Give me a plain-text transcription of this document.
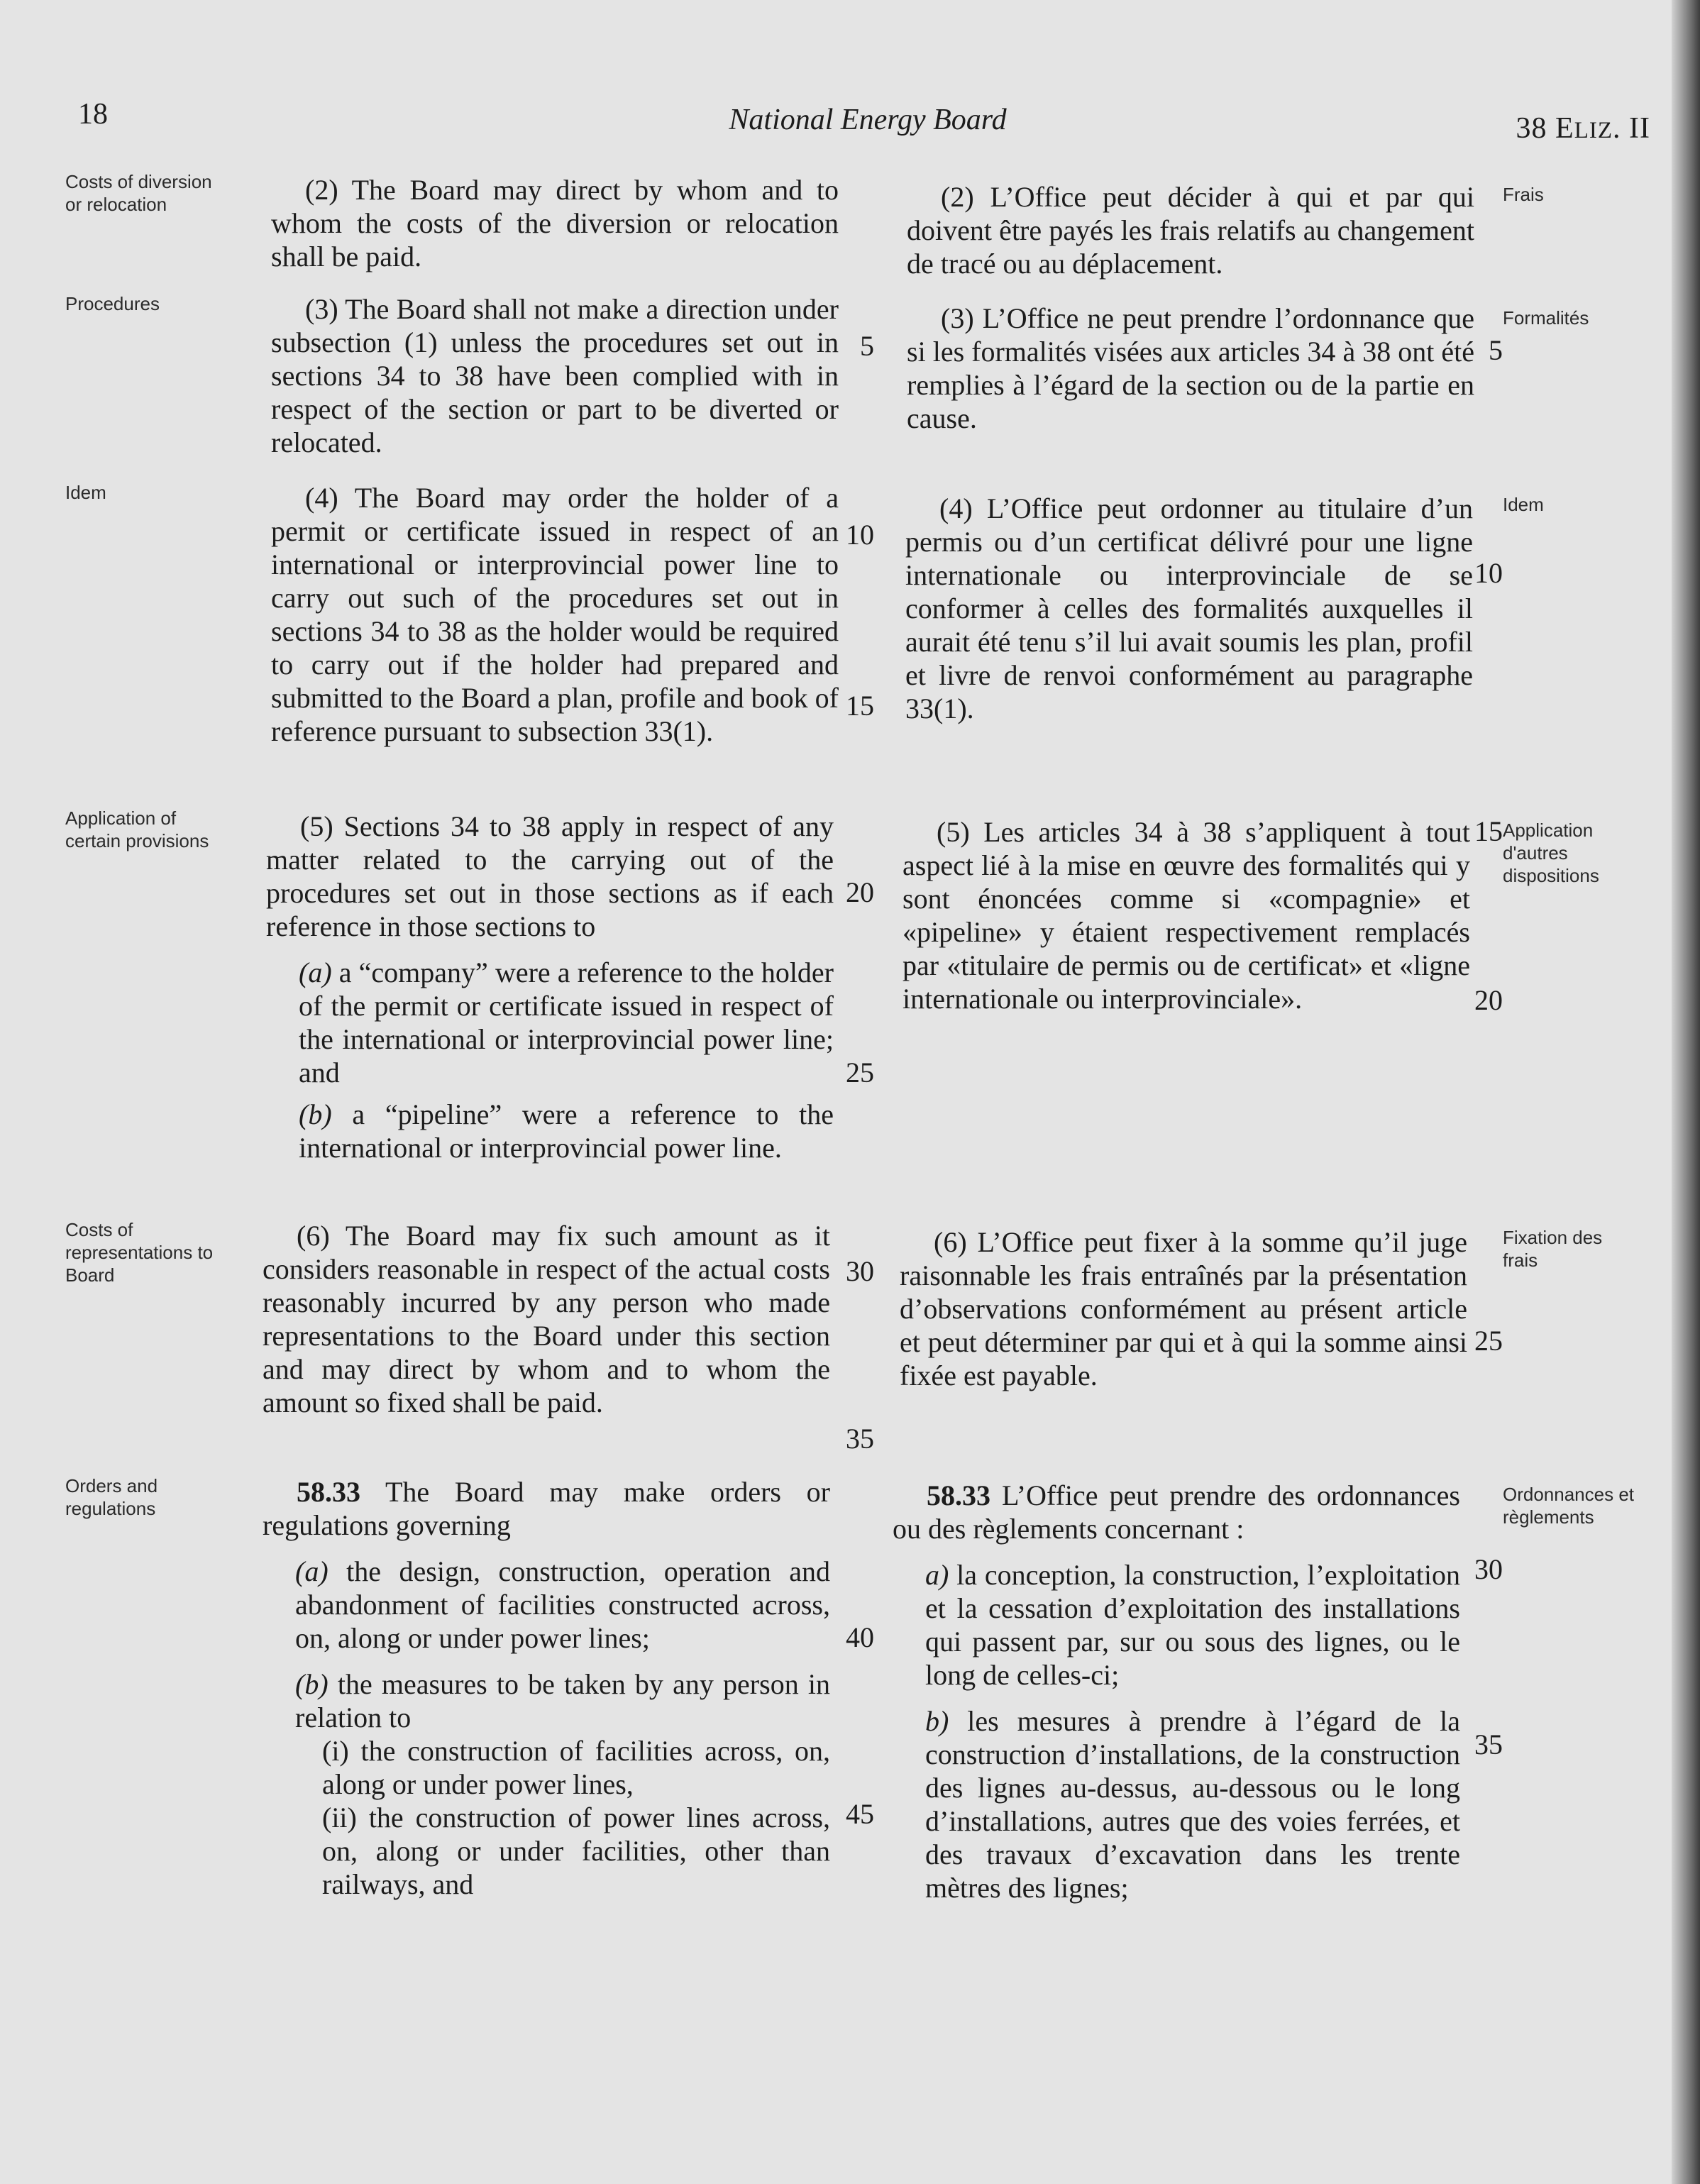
18	National Energy Board	38 ELIZ. II
Costs of diversion or relocation
Procedures
Idem
Application of certain provisions
Costs of representations to Board
Orders and regulations
Frais
Formalités
Idem
Application d'autres dispositions
Fixation des frais
Ordonnances et règlements

(2) The Board may direct by whom and to whom the costs of the diversion or relocation shall be paid.

(3) The Board shall not make a direction under subsection (1) unless the procedures set out in sections 34 to 38 have been complied with in respect of the section or part to be diverted or relocated.

(4) The Board may order the holder of a permit or certificate issued in respect of an international or interprovincial power line to carry out such of the procedures set out in sections 34 to 38 as the holder would be required to carry out if the holder had prepared and submitted to the Board a plan, profile and book of reference pursuant to subsection 33(1).

(5) Sections 34 to 38 apply in respect of any matter related to the carrying out of the procedures set out in those sections as if each reference in those sections to

(a) a “company” were a reference to the holder of the permit or certificate issued in respect of the international or interprovincial power line; and

(b) a “pipeline” were a reference to the international or interprovincial power line.

(6) The Board may fix such amount as it considers reasonable in respect of the actual costs reasonably incurred by any person who made representations to the Board under this section and may direct by whom and to whom the amount so fixed shall be paid.

58.33 The Board may make orders or regulations governing

(a) the design, construction, operation and abandonment of facilities constructed across, on, along or under power lines;

(b) the measures to be taken by any person in relation to

(i) the construction of facilities across, on, along or under power lines,

(ii) the construction of power lines across, on, along or under facilities, other than railways, and

5
10
15
20
25
30
35
40
45

(2) L’Office peut décider à qui et par qui doivent être payés les frais relatifs au changement de tracé ou au déplacement.

(3) L’Office ne peut prendre l’ordonnance que si les formalités visées aux articles 34 à 38 ont été remplies à l’égard de la section ou de la partie en cause.

(4) L’Office peut ordonner au titulaire d’un permis ou d’un certificat délivré pour une ligne internationale ou interprovinciale de se conformer à celles des formalités auxquelles il aurait été tenu s’il lui avait soumis les plan, profil et livre de renvoi conformément au paragraphe 33(1).

(5) Les articles 34 à 38 s’appliquent à tout aspect lié à la mise en œuvre des formalités qui y sont énoncées comme si «compagnie» et «pipeline» y étaient respectivement remplacés par «titulaire de permis ou de certificat» et «ligne internationale ou interprovinciale».

(6) L’Office peut fixer à la somme qu’il juge raisonnable les frais entraînés par la présentation d’observations conformément au présent article et peut déterminer par qui et à qui la somme ainsi fixée est payable.

58.33 L’Office peut prendre des ordonnances ou des règlements concernant :

a) la conception, la construction, l’exploitation et la cessation d’exploitation des installations qui passent par, sur ou sous des lignes, ou le long de celles-ci;

b) les mesures à prendre à l’égard de la construction d’installations, de la construction des lignes au-dessus, au-dessous ou le long d’installations, autres que des voies ferrées, et des travaux d’excavation dans les trente mètres des lignes;

5
10
15
20
25
30
35
